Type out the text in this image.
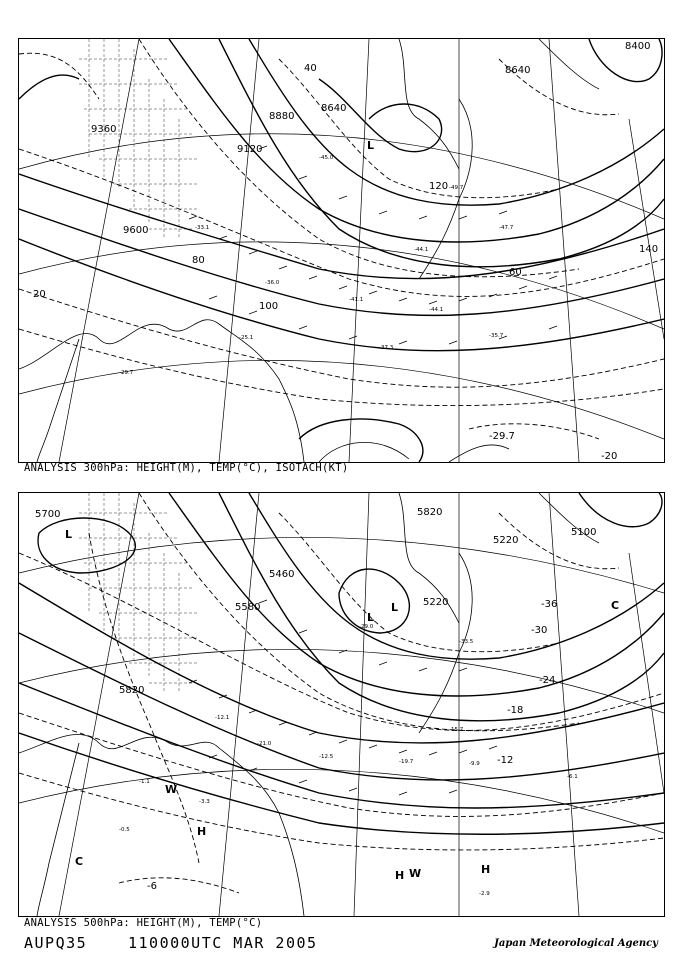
-33.1
-36.0
-41.1
-44.1
-35.7
-37.3
-25.1
-29.7
-49.7
-47.7
-45.0
-44.1
9360
9120
9600
8640
8880
8640
8400
20
40
60
80
100
120
140
-29.7
-20
L
ANALYSIS 300hPa: HEIGHT(M), TEMP(°C), ISOTACH(KT)
-12.1
-21.0
-12.5
-19.7
-15.7
-9.9
-6.1
-1.1
-3.3
-2.9
-0.5
-33.5
-29.0
5700
5460
5580
5820
5220
5100
5820
5220	-36
-30
-24
-18
-12
-6
L
L
L	C
C
H
H	H
W
W
ANALYSIS 500hPa: HEIGHT(M), TEMP(°C)
AUPQ35	110000UTC MAR 2005	Japan Meteorological Agency
